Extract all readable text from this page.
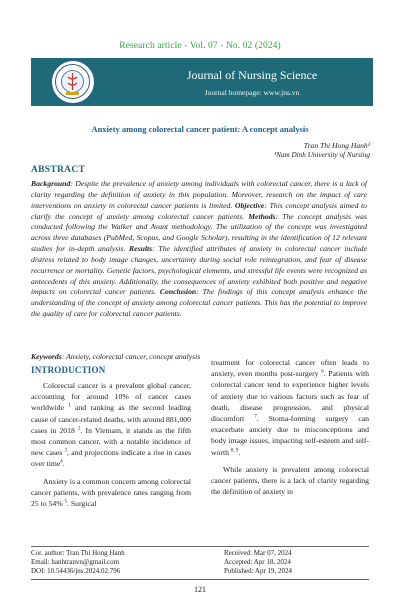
Research article - Vol. 07 - No. 02 (2024)
Journal of Nursing Science
Journal homepage: www.jns.vn
Anxiety among colorectal cancer patient: A concept analysis
Tran Thi Hong Hanh¹
¹Nam Dinh University of Nursing
ABSTRACT
Background: Despite the prevalence of anxiety among individuals with colorectal cancer, there is a lack of clarity regarding the definition of anxiety in this population. Moreover, research on the impact of care interventions on anxiety in colorectal cancer patients is limited. Objective: This concept analysis aimed to clarify the concept of anxiety among colorectal cancer patients. Methods: The concept analysis was conducted following the Walker and Avant methodology. The utilization of the concept was investigated across three databases (PubMed, Scopus, and Google Scholar), resulting in the identification of 12 relevant studies for in-depth analysis. Results: The identified attributes of anxiety in colorectal cancer include distress related to body image changes, uncertainty during social role reintegration, and fear of disease recurrence or mortality. Genetic factors, psychological elements, and stressful life events were recognized as antecedents of this anxiety. Additionally, the consequences of anxiety exhibited both positive and negative impacts on colorectal cancer patients. Conclusion: The findings of this concept analysis enhance the understanding of the concept of anxiety among colorectal cancer patients. This has the potential to improve the quality of care for colorectal cancer patients.
Keywords: Anxiety, colorectal cancer, concept analysis
INTRODUCTION

Colorectal cancer is a prevalent global cancer, accounting for around 10% of cancer cases worldwide $^1$ and ranking as the second leading cause of cancer-related deaths, with around 881,000 cases in 2018 $^2$. In Vietnam, it stands as the fifth most common cancer, with a notable incidence of new cases $^3$, and projections indicate a rise in cases over time$^4$.

Anxiety is a common concern among colorectal cancer patients, with prevalence rates ranging from 25 to 54% $^5$. Surgical

treatment for colorectal cancer often leads to anxiety, even months post-surgery $^6$. Patients with colorectal cancer tend to experience higher levels of anxiety due to various factors such as fear of death, disease progression, and physical discomfort $^7$. Stoma-forming surgery can exacerbate anxiety due to misconceptions and body image issues, impacting self-esteem and self-worth $^{8, 9}$.

While anxiety is prevalent among colorectal cancer patients, there is a lack of clarity regarding the definition of anxiety in

Cor. author: Tran Thi Hong Hanh
Email: hanhtranvn@gmail.com
DOI: 10.54436/jns.2024.02.796
Received: Mar 07, 2024
Accepted: Apr 18, 2024
Published: Apr 19, 2024
121
